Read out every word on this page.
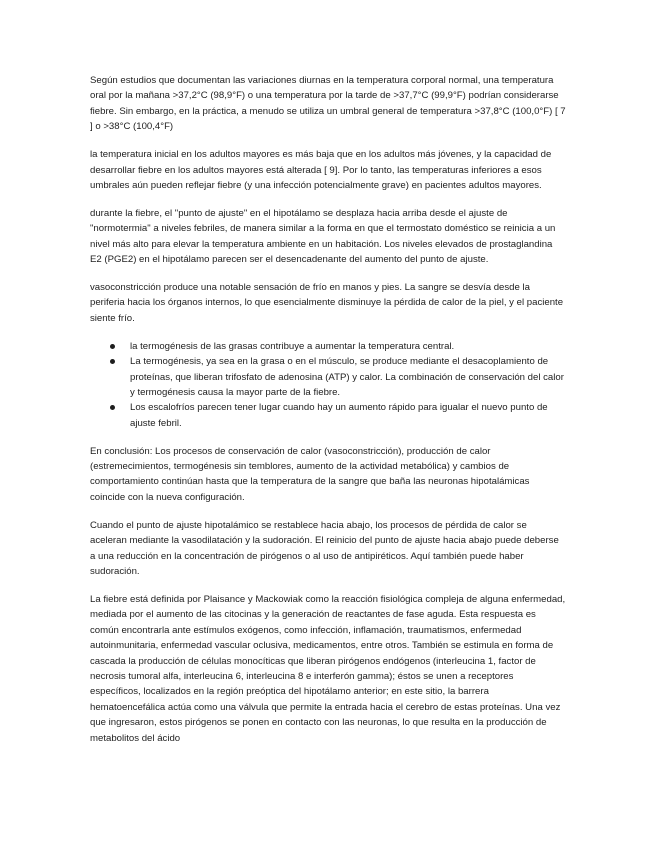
Según estudios que documentan las variaciones diurnas en la temperatura corporal normal, una temperatura oral por la mañana >37,2°C (98,9°F) o una temperatura por la tarde de >37,7°C (99,9°F) podrían considerarse fiebre. Sin embargo, en la práctica, a menudo se utiliza un umbral general de temperatura >37,8°C (100,0°F) [ 7 ] o >38°C (100,4°F)

la temperatura inicial en los adultos mayores es más baja que en los adultos más jóvenes, y la capacidad de desarrollar fiebre en los adultos mayores está alterada [ 9]. Por lo tanto, las temperaturas inferiores a esos umbrales aún pueden reflejar fiebre (y una infección potencialmente grave) en pacientes adultos mayores.

durante la fiebre, el "punto de ajuste" en el hipotálamo se desplaza hacia arriba desde el ajuste de "normotermia" a niveles febriles, de manera similar a la forma en que el termostato doméstico se reinicia a un nivel más alto para elevar la temperatura ambiente en un habitación. Los niveles elevados de prostaglandina E2 (PGE2) en el hipotálamo parecen ser el desencadenante del aumento del punto de ajuste.

vasoconstricción produce una notable sensación de frío en manos y pies. La sangre se desvía desde la periferia hacia los órganos internos, lo que esencialmente disminuye la pérdida de calor de la piel, y el paciente siente frío.

la termogénesis de las grasas contribuye a aumentar la temperatura central.
La termogénesis, ya sea en la grasa o en el músculo, se produce mediante el desacoplamiento de proteínas, que liberan trifosfato de adenosina (ATP) y calor. La combinación de conservación del calor y termogénesis causa la mayor parte de la fiebre.
Los escalofríos parecen tener lugar cuando hay un aumento rápido para igualar el nuevo punto de ajuste febril.

En conclusión: Los procesos de conservación de calor (vasoconstricción), producción de calor (estremecimientos, termogénesis sin temblores, aumento de la actividad metabólica) y cambios de comportamiento continúan hasta que la temperatura de la sangre que baña las neuronas hipotalámicas coincide con la nueva configuración.

Cuando el punto de ajuste hipotalámico se restablece hacia abajo, los procesos de pérdida de calor se aceleran mediante la vasodilatación y la sudoración. El reinicio del punto de ajuste hacia abajo puede deberse a una reducción en la concentración de pirógenos o al uso de antipiréticos. Aquí también puede haber sudoración.

La fiebre está definida por Plaisance y Mackowiak como la reacción fisiológica compleja de alguna enfermedad, mediada por el aumento de las citocinas y la generación de reactantes de fase aguda. Esta respuesta es común encontrarla ante estímulos exógenos, como infección, inflamación, traumatismos, enfermedad autoinmunitaria, enfermedad vascular oclusiva, medicamentos, entre otros. También se estimula en forma de cascada la producción de células monocíticas que liberan pirógenos endógenos (interleucina 1, factor de necrosis tumoral alfa, interleucina 6, interleucina 8 e interferón gamma); éstos se unen a receptores específicos, localizados en la región preóptica del hipotálamo anterior; en este sitio, la barrera hematoencefálica actúa como una válvula que permite la entrada hacia el cerebro de estas proteínas. Una vez que ingresaron, estos pirógenos se ponen en contacto con las neuronas, lo que resulta en la producción de metabolitos del ácido
